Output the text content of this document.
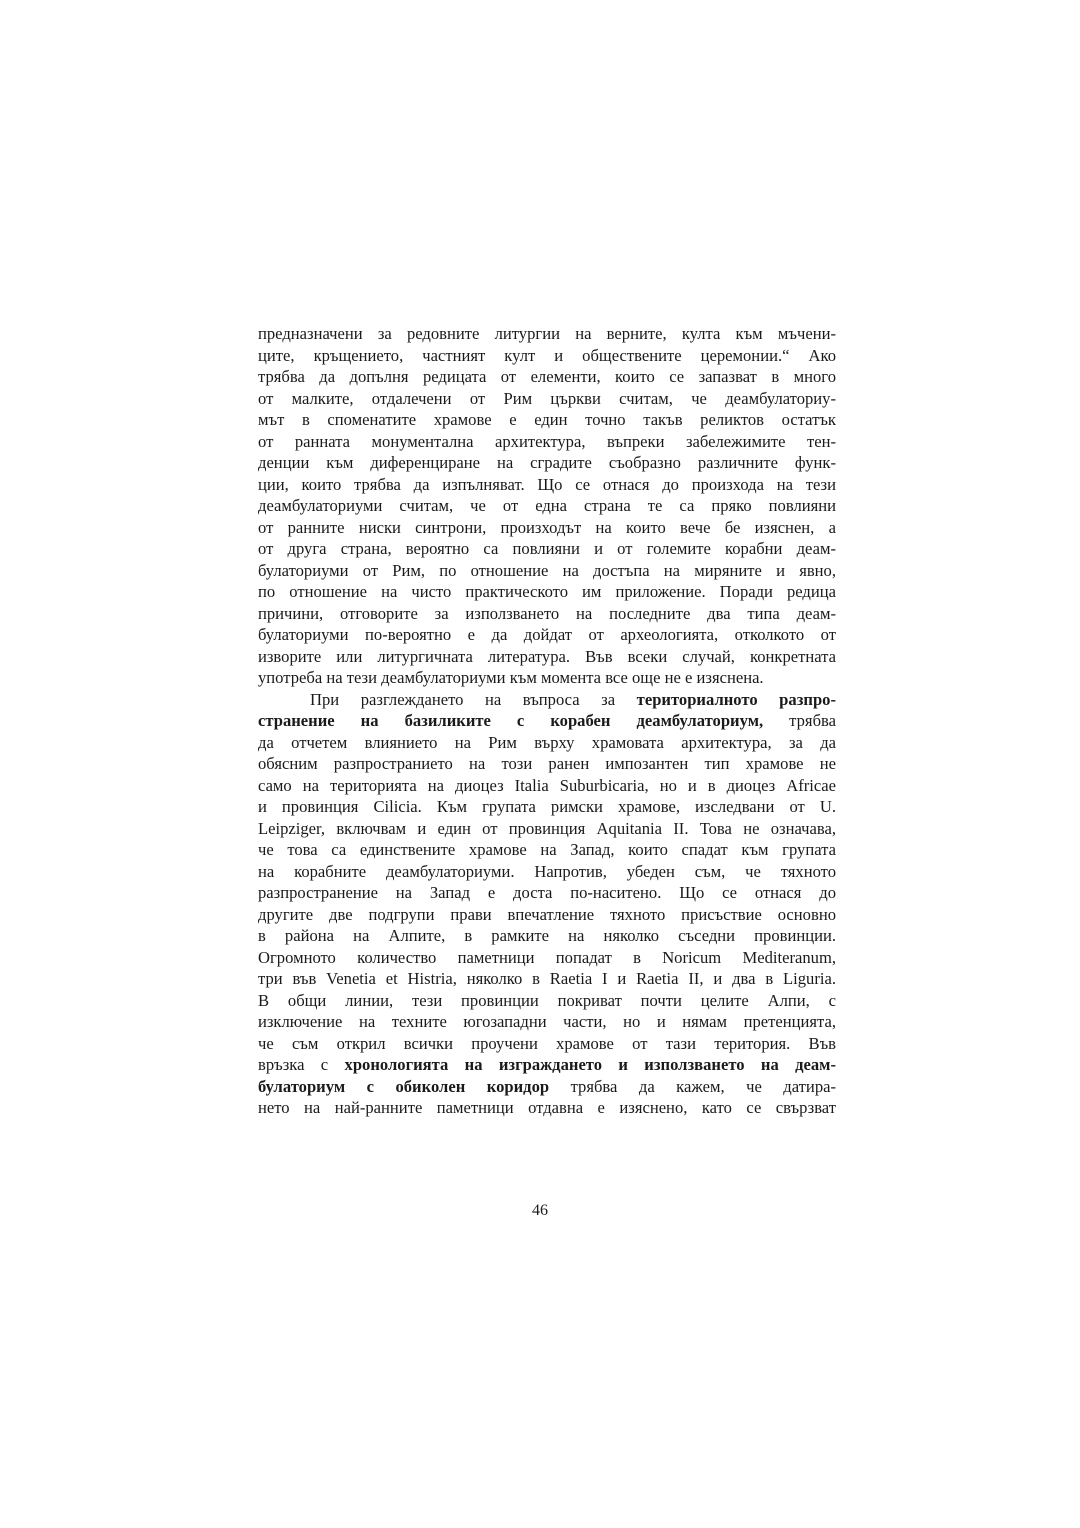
предназначени за редовните литургии на верните, култа към мъчени-
ците, кръщението, частният култ и обществените церемонии.“ Ако
трябва да допълня редицата от елементи, които се запазват в много
от малките, отдалечени от Рим църкви считам, че деамбулаториу-
мът в споменатите храмове е един точно такъв реликтов остатък
от ранната монументална архитектура, въпреки забележимите тен-
денции към диференциране на сградите съобразно различните функ-
ции, които трябва да изпълняват. Що се отнася до произхода на тези
деамбулаториуми считам, че от една страна те са пряко повлияни
от ранните ниски синтрони, произходът на които вече бе изяснен, а
от друга страна, вероятно са повлияни и от големите корабни деам-
булаториуми от Рим, по отношение на достъпа на миряните и явно,
по отношение на чисто практическото им приложение. Поради редица
причини, отговорите за използването на последните два типа деам-
булаториуми по-вероятно е да дойдат от археологията, отколкото от
изворите или литургичната литература. Във всеки случай, конкретната
употреба на тези деамбулаториуми към момента все още не е изяснена.
При разглеждането на въпроса за териториалното разпро-
странение на базиликите с корабен деамбулаториум, трябва
да отчетем влиянието на Рим върху храмовата архитектура, за да
обясним разпространието на този ранен импозантен тип храмове не
само на територията на диоцез Italia Suburbicaria, но и в диоцез Africae
и провинция Cilicia. Към групата римски храмове, изследвани от U.
Leipziger, включвам и един от провинция Aquitania II. Това не означава,
че това са единствените храмове на Запад, които спадат към групата
на корабните деамбулаториуми. Напротив, убеден съм, че тяхното
разпространение на Запад е доста по-наситено. Що се отнася до
другите две подгрупи прави впечатление тяхното присъствие основно
в района на Алпите, в рамките на няколко съседни провинции.
Огромното количество паметници попадат в Noricum Mediteranum,
три във Venetia et Histria, няколко в Raetia I и Raetia II, и два в Liguria.
В общи линии, тези провинции покриват почти целите Алпи, с
изключение на техните югозападни части, но и нямам претенцията,
че съм открил всички проучени храмове от тази територия. Във
връзка с хронологията на изграждането и използването на деам-
булаториум с обиколен коридор трябва да кажем, че датира-
нето на най-ранните паметници отдавна е изяснено, като се свързват
46
